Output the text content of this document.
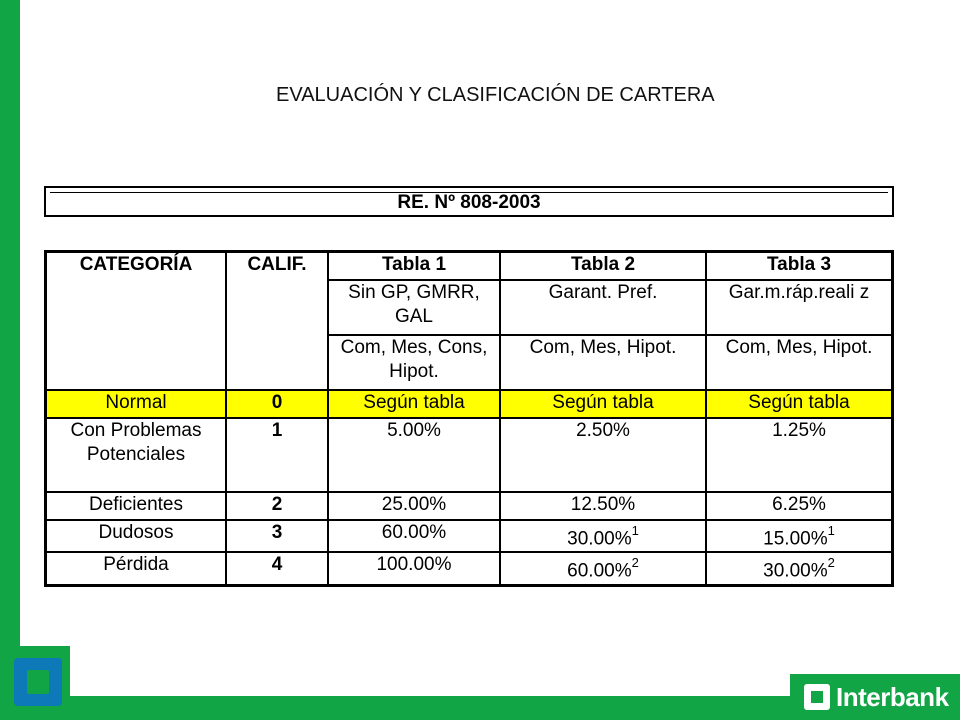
Interbank
EVALUACIÓN Y CLASIFICACIÓN DE CARTERA
RE. Nº 808-2003
CATEGORÍA	CALIF.	Tabla 1	Tabla 2	Tabla 3
		Sin GP, GMRR, GAL	Garant. Pref.	Gar.m.ráp.reali z
		Com, Mes, Cons, Hipot.	Com, Mes, Hipot.	Com, Mes, Hipot.
Normal	0	Según tabla	Según tabla	Según tabla
Con Problemas Potenciales	1	5.00%	2.50%	1.25%
Deficientes	2	25.00%	12.50%	6.25%
Dudosos	3	60.00%	30.00%$^1$	15.00%$^1$
Pérdida	4	100.00%	60.00%$^2$	30.00%$^2$
